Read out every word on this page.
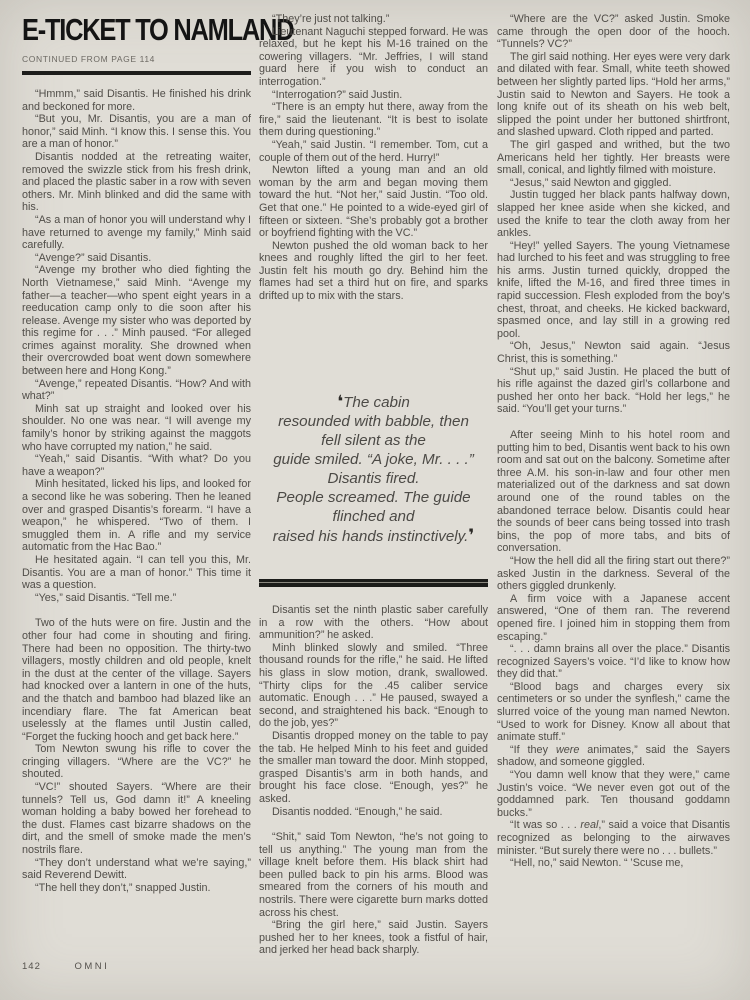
E-TICKET TO NAMLAND
CONTINUED FROM PAGE 114

“Hmmm,” said Disantis. He finished his drink and beckoned for more.

“But you, Mr. Disantis, you are a man of honor,” said Minh. “I know this. I sense this. You are a man of honor.”

Disantis nodded at the retreating waiter, removed the swizzle stick from his fresh drink, and placed the plastic saber in a row with seven others. Mr. Minh blinked and did the same with his.

“As a man of honor you will understand why I have returned to avenge my family,” Minh said carefully.

“Avenge?” said Disantis.

“Avenge my brother who died fighting the North Vietnamese,” said Minh. “Avenge my father—a teacher—who spent eight years in a reeducation camp only to die soon after his release. Avenge my sister who was deported by this regime for . . .” Minh paused. “For alleged crimes against morality. She drowned when their overcrowded boat went down somewhere between here and Hong Kong.”

“Avenge,” repeated Disantis. “How? And with what?”

Minh sat up straight and looked over his shoulder. No one was near. “I will avenge my family’s honor by striking against the maggots who have corrupted my nation,” he said.

“Yeah,” said Disantis. “With what? Do you have a weapon?”

Minh hesitated, licked his lips, and looked for a second like he was sobering. Then he leaned over and grasped Disantis’s forearm. “I have a weapon,” he whispered. “Two of them. I smuggled them in. A rifle and my service automatic from the Hac Bao.”

He hesitated again. “I can tell you this, Mr. Disantis. You are a man of honor.” This time it was a question.

“Yes,” said Disantis. “Tell me.”

Two of the huts were on fire. Justin and the other four had come in shouting and firing. There had been no opposition. The thirty-two villagers, mostly children and old people, knelt in the dust at the center of the village. Sayers had knocked over a lantern in one of the huts, and the thatch and bamboo had blazed like an incendiary flare. The fat American beat uselessly at the flames until Justin called, “Forget the fucking hooch and get back here.”

Tom Newton swung his rifle to cover the cringing villagers. “Where are the VC?” he shouted.

“VC!” shouted Sayers. “Where are their tunnels? Tell us, God damn it!” A kneeling woman holding a baby bowed her forehead to the dust. Flames cast bizarre shadows on the dirt, and the smell of smoke made the men’s nostrils flare.

“They don’t understand what we’re saying,” said Reverend Dewitt.

“The hell they don’t,” snapped Justin.

“They’re just not talking.”

Lieutenant Naguchi stepped forward. He was relaxed, but he kept his M-16 trained on the cowering villagers. “Mr. Jeffries, I will stand guard here if you wish to conduct an interrogation.”

“Interrogation?” said Justin.

“There is an empty hut there, away from the fire,” said the lieutenant. “It is best to isolate them during questioning.”

“Yeah,” said Justin. “I remember. Tom, cut a couple of them out of the herd. Hurry!”

Newton lifted a young man and an old woman by the arm and began moving them toward the hut. “Not her,” said Justin. “Too old. Get that one.” He pointed to a wide-eyed girl of fifteen or sixteen. “She’s probably got a brother or boyfriend fighting with the VC.”

Newton pushed the old woman back to her knees and roughly lifted the girl to her feet. Justin felt his mouth go dry. Behind him the flames had set a third hut on fire, and sparks drifted up to mix with the stars.

❛The cabin
resounded with babble, then
fell silent as the
guide smiled. “A joke, Mr. . . .”
Disantis fired.
People screamed. The guide
flinched and
raised his hands instinctively.❜

Disantis set the ninth plastic saber carefully in a row with the others. “How about ammunition?” he asked.

Minh blinked slowly and smiled. “Three thousand rounds for the rifle,” he said. He lifted his glass in slow motion, drank, swallowed. “Thirty clips for the .45 caliber service automatic. Enough . . .” He paused, swayed a second, and straightened his back. “Enough to do the job, yes?”

Disantis dropped money on the table to pay the tab. He helped Minh to his feet and guided the smaller man toward the door. Minh stopped, grasped Disantis’s arm in both hands, and brought his face close. “Enough, yes?” he asked.

Disantis nodded. “Enough,” he said.

“Shit,” said Tom Newton, “he’s not going to tell us anything.” The young man from the village knelt before them. His black shirt had been pulled back to pin his arms. Blood was smeared from the corners of his mouth and nostrils. There were cigarette burn marks dotted across his chest.

“Bring the girl here,” said Justin. Sayers pushed her to her knees, took a fistful of hair, and jerked her head back sharply.

“Where are the VC?” asked Justin. Smoke came through the open door of the hooch. “Tunnels? VC?”

The girl said nothing. Her eyes were very dark and dilated with fear. Small, white teeth showed between her slightly parted lips. “Hold her arms,” Justin said to Newton and Sayers. He took a long knife out of its sheath on his web belt, slipped the point under her buttoned shirtfront, and slashed upward. Cloth ripped and parted.

The girl gasped and writhed, but the two Americans held her tightly. Her breasts were small, conical, and lightly filmed with moisture.

“Jesus,” said Newton and giggled.

Justin tugged her black pants halfway down, slapped her knee aside when she kicked, and used the knife to tear the cloth away from her ankles.

“Hey!” yelled Sayers. The young Vietnamese had lurched to his feet and was struggling to free his arms. Justin turned quickly, dropped the knife, lifted the M-16, and fired three times in rapid succession. Flesh exploded from the boy’s chest, throat, and cheeks. He kicked backward, spasmed once, and lay still in a growing red pool.

“Oh, Jesus,” Newton said again. “Jesus Christ, this is something.”

“Shut up,” said Justin. He placed the butt of his rifle against the dazed girl’s collarbone and pushed her onto her back. “Hold her legs,” he said. “You’ll get your turns.”

After seeing Minh to his hotel room and putting him to bed, Disantis went back to his own room and sat out on the balcony. Sometime after three A.M. his son-in-law and four other men materialized out of the darkness and sat down around one of the round tables on the abandoned terrace below. Disantis could hear the sounds of beer cans being tossed into trash bins, the pop of more tabs, and bits of conversation.

“How the hell did all the firing start out there?” asked Justin in the darkness. Several of the others giggled drunkenly.

A firm voice with a Japanese accent answered, “One of them ran. The reverend opened fire. I joined him in stopping them from escaping.”

“. . . damn brains all over the place.” Disantis recognized Sayers’s voice. “I’d like to know how they did that.”

“Blood bags and charges every six centimeters or so under the synflesh,” came the slurred voice of the young man named Newton. “Used to work for Disney. Know all about that animate stuff.”

“If they were animates,” said the Sayers shadow, and someone giggled.

“You damn well know that they were,” came Justin’s voice. “We never even got out of the goddamned park. Ten thousand goddamn bucks.”

“It was so . . . real,” said a voice that Disantis recognized as belonging to the airwaves minister. “But surely there were no . . . bullets.”

“Hell, no,” said Newton. “ ’Scuse me,

142	OMNI
